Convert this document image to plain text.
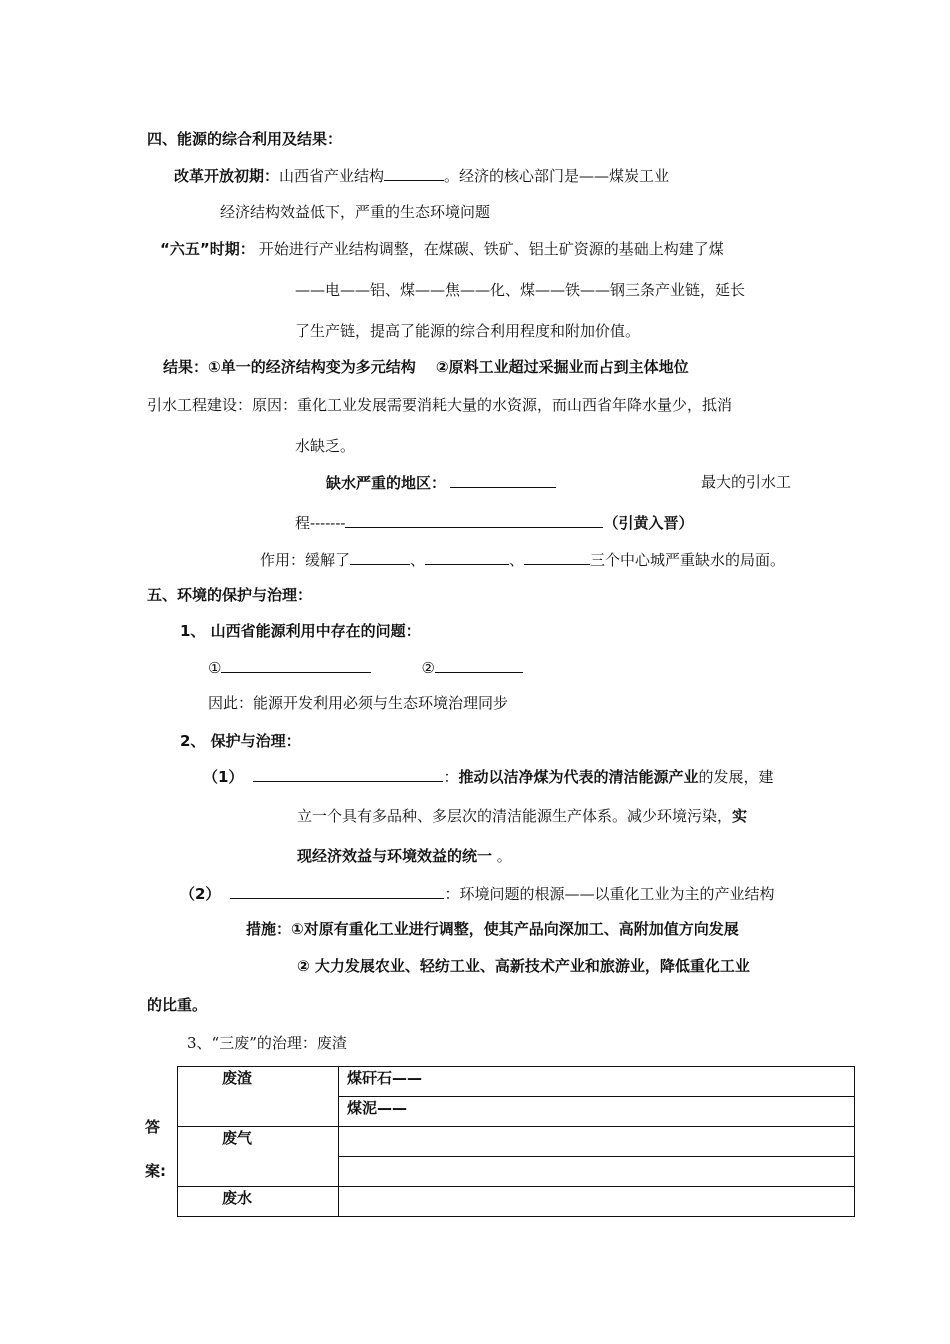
四、能源的综合利用及结果：
改革开放初期：山西省产业结构	。经济的核心部门是——煤炭工业
经济结构效益低下，严重的生态环境问题
“六五”时期： 开始进行产业结构调整，在煤碳、铁矿、铝土矿资源的基础上构建了煤
——电——铝、煤——焦——化、煤——铁——钢三条产业链，延长
了生产链，提高了能源的综合利用程度和附加价值。
结果：①单一的经济结构变为多元结构 　②原料工业超过采掘业而占到主体地位
引水工程建设：原因：重化工业发展需要消耗大量的水资源，而山西省年降水量少，抵消
水缺乏。
缺水严重的地区：	最大的引水工
程-------	（引黄入晋）
作用：缓解了	、	、	三个中心城严重缺水的局面。
五、环境的保护与治理：
1、 山西省能源利用中存在的问题：
①	②
因此：能源开发利用必须与生态环境治理同步
2、 保护与治理：
（1）	：推动以洁净煤为代表的清洁能源产业的发展，建
立一个具有多品种、多层次的清洁能源生产体系。减少环境污染，实
现经济效益与环境效益的统一 。
（2）	：环境问题的根源——以重化工业为主的产业结构
措施：①对原有重化工业进行调整，使其产品向深加工、高附加值方向发展
② 大力发展农业、轻纺工业、高新技术产业和旅游业，降低重化工业
的比重。
3、“三废”的治理：废渣
答
案:
废渣	煤矸石——
	煤泥——
废气	

废水	
